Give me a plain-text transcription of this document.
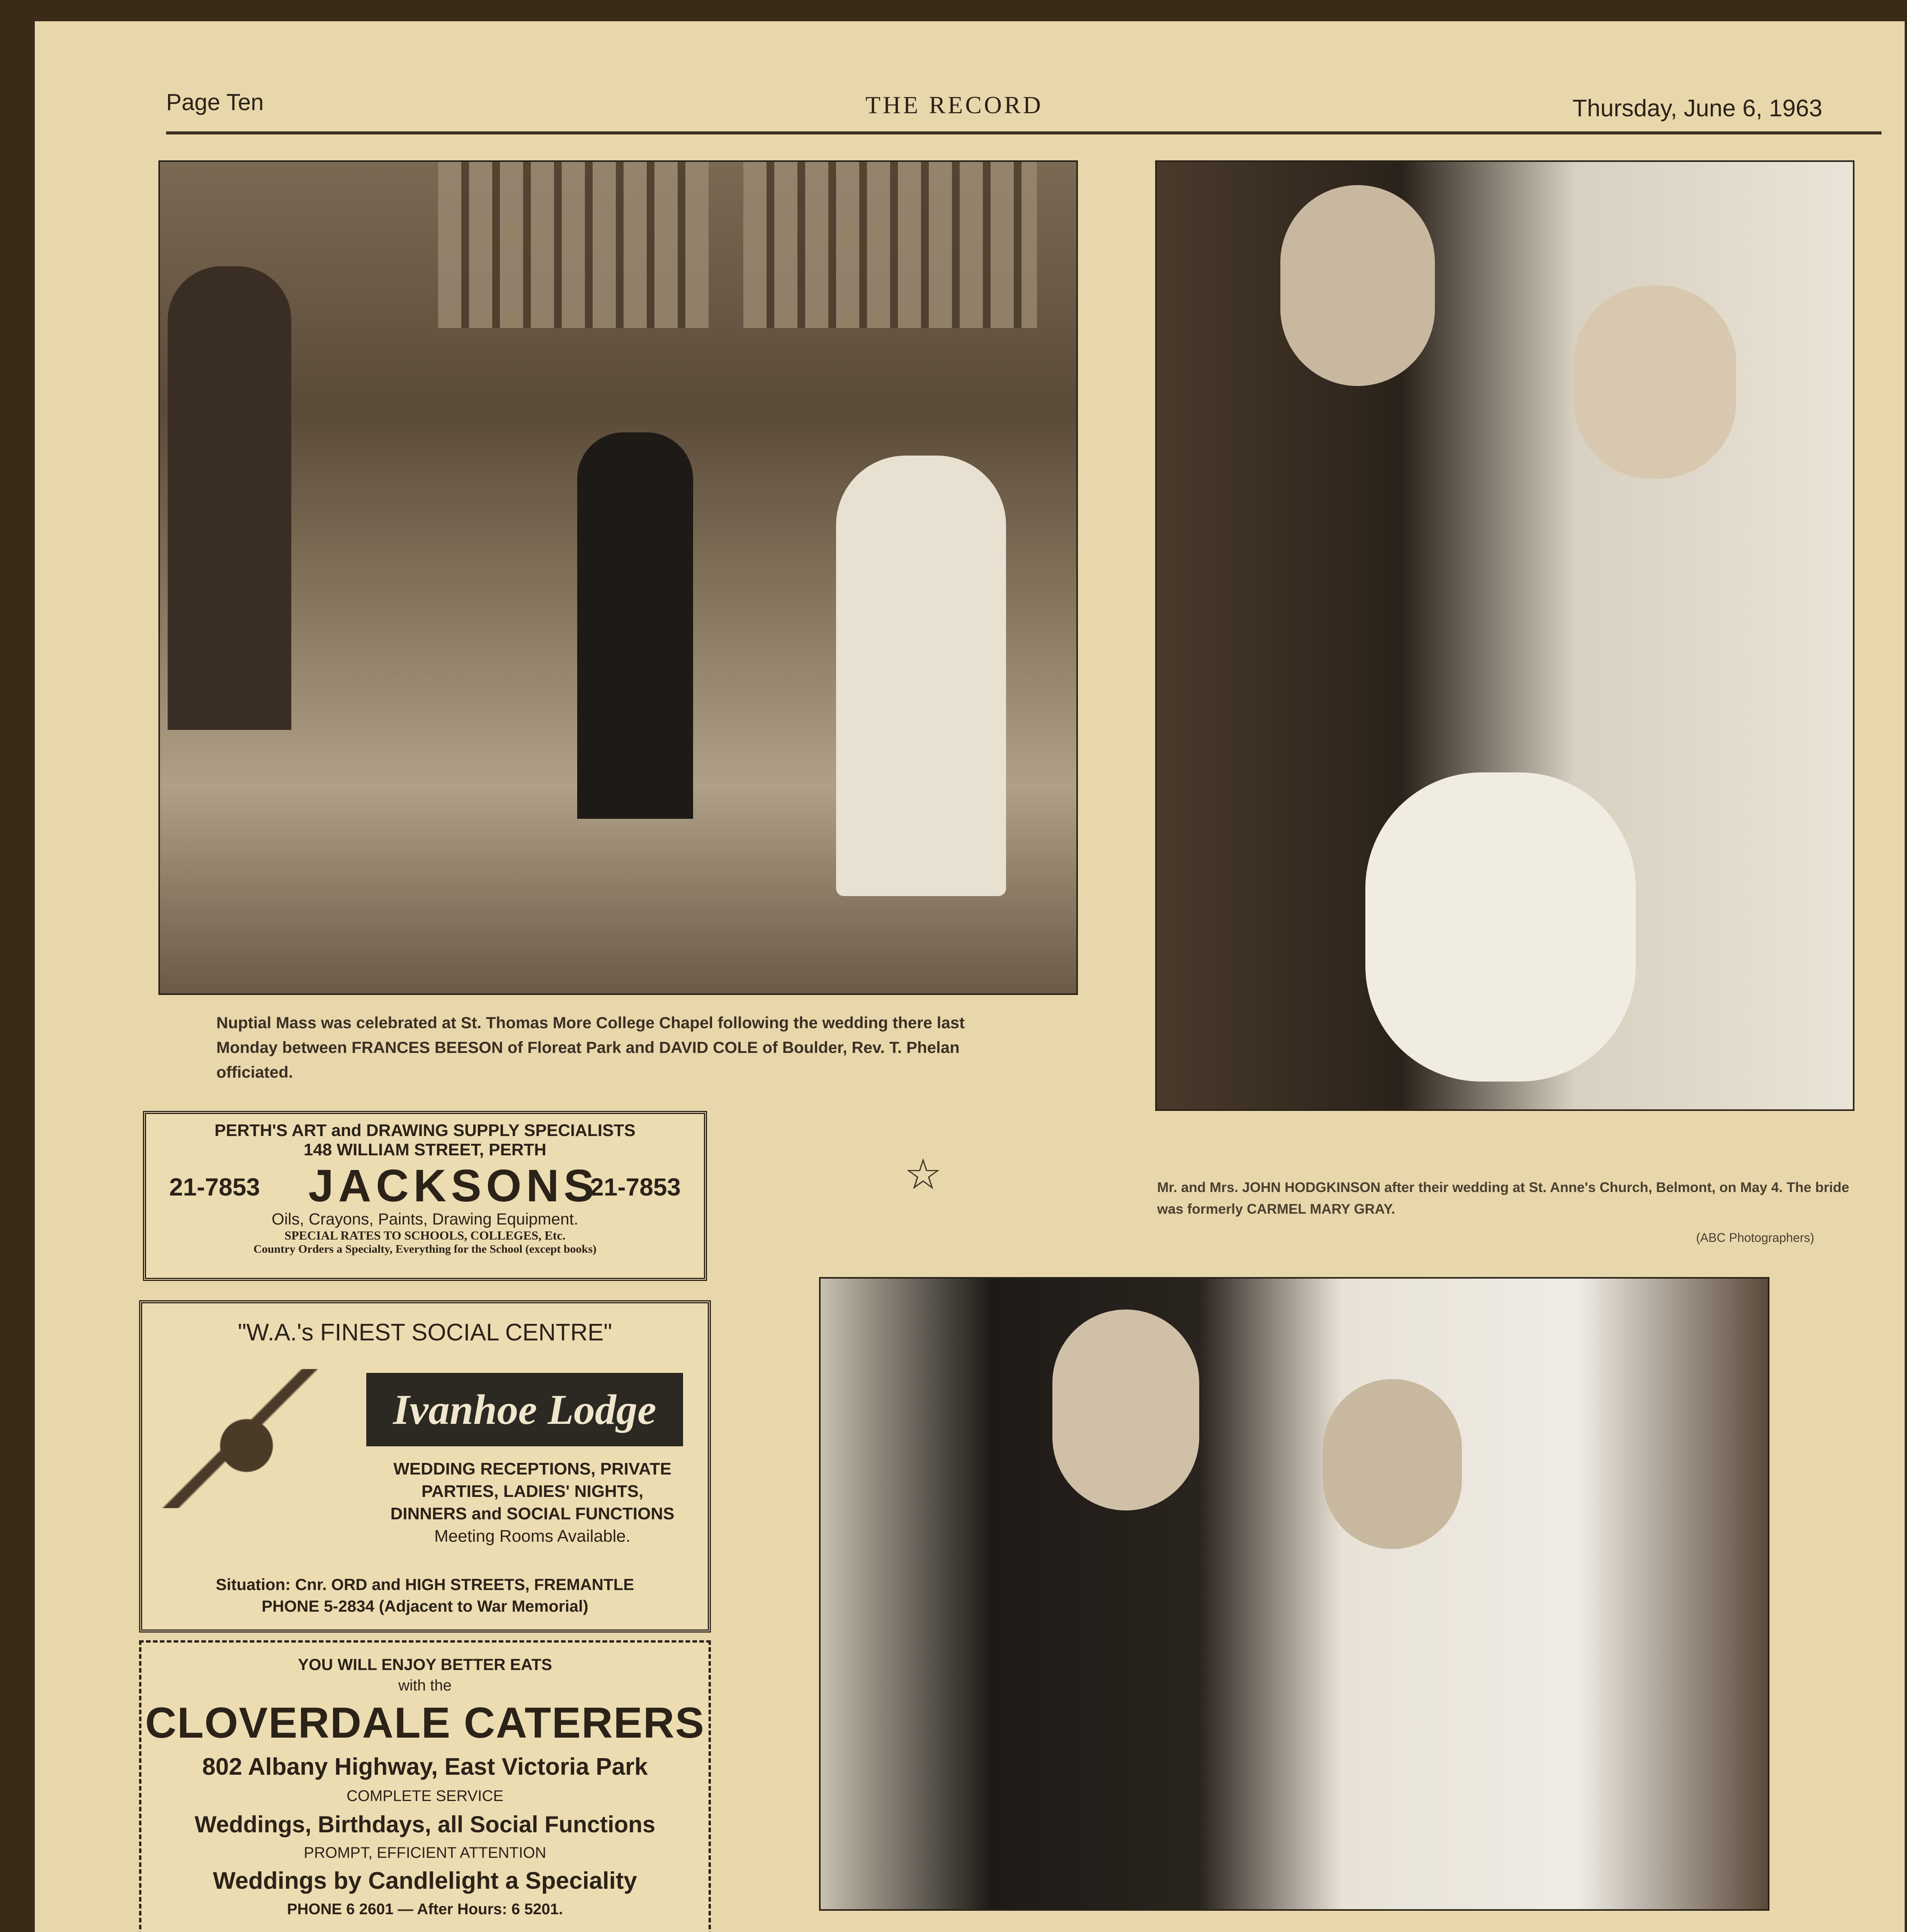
Page Ten	THE RECORD	Thursday, June 6, 1963
Nuptial Mass was celebrated at St. Thomas More College Chapel following the wedding there last Monday between FRANCES BEESON of Floreat Park and DAVID COLE of Boulder, Rev. T. Phelan officiated.
Mr. and Mrs. JOHN HODGKINSON after their wedding at St. Anne's Church, Belmont, on May 4. The bride was formerly CARMEL MARY GRAY.
(ABC Photographers)
☆
PERTH'S ART and DRAWING SUPPLY SPECIALISTS
148 WILLIAM STREET, PERTH
21-7853 JACKSONS
21-7853
Oils, Crayons, Paints, Drawing Equipment.
SPECIAL RATES TO SCHOOLS, COLLEGES, Etc.
Country Orders a Specialty, Everything for the School (except books)
"W.A.'s FINEST SOCIAL CENTRE"
Ivanhoe Lodge
WEDDING RECEPTIONS, PRIVATE
PARTIES, LADIES' NIGHTS,
DINNERS and SOCIAL FUNCTIONS
Meeting Rooms Available.
Situation: Cnr. ORD and HIGH STREETS, FREMANTLE
PHONE 5-2834 (Adjacent to War Memorial)
YOU WILL ENJOY BETTER EATS
with the
CLOVERDALE CATERERS
802 Albany Highway, East Victoria Park
COMPLETE SERVICE
Weddings, Birthdays, all Social Functions
PROMPT, EFFICIENT ATTENTION
Weddings by Candlelight a Speciality
PHONE 6 2601 — After Hours: 6 5201.
